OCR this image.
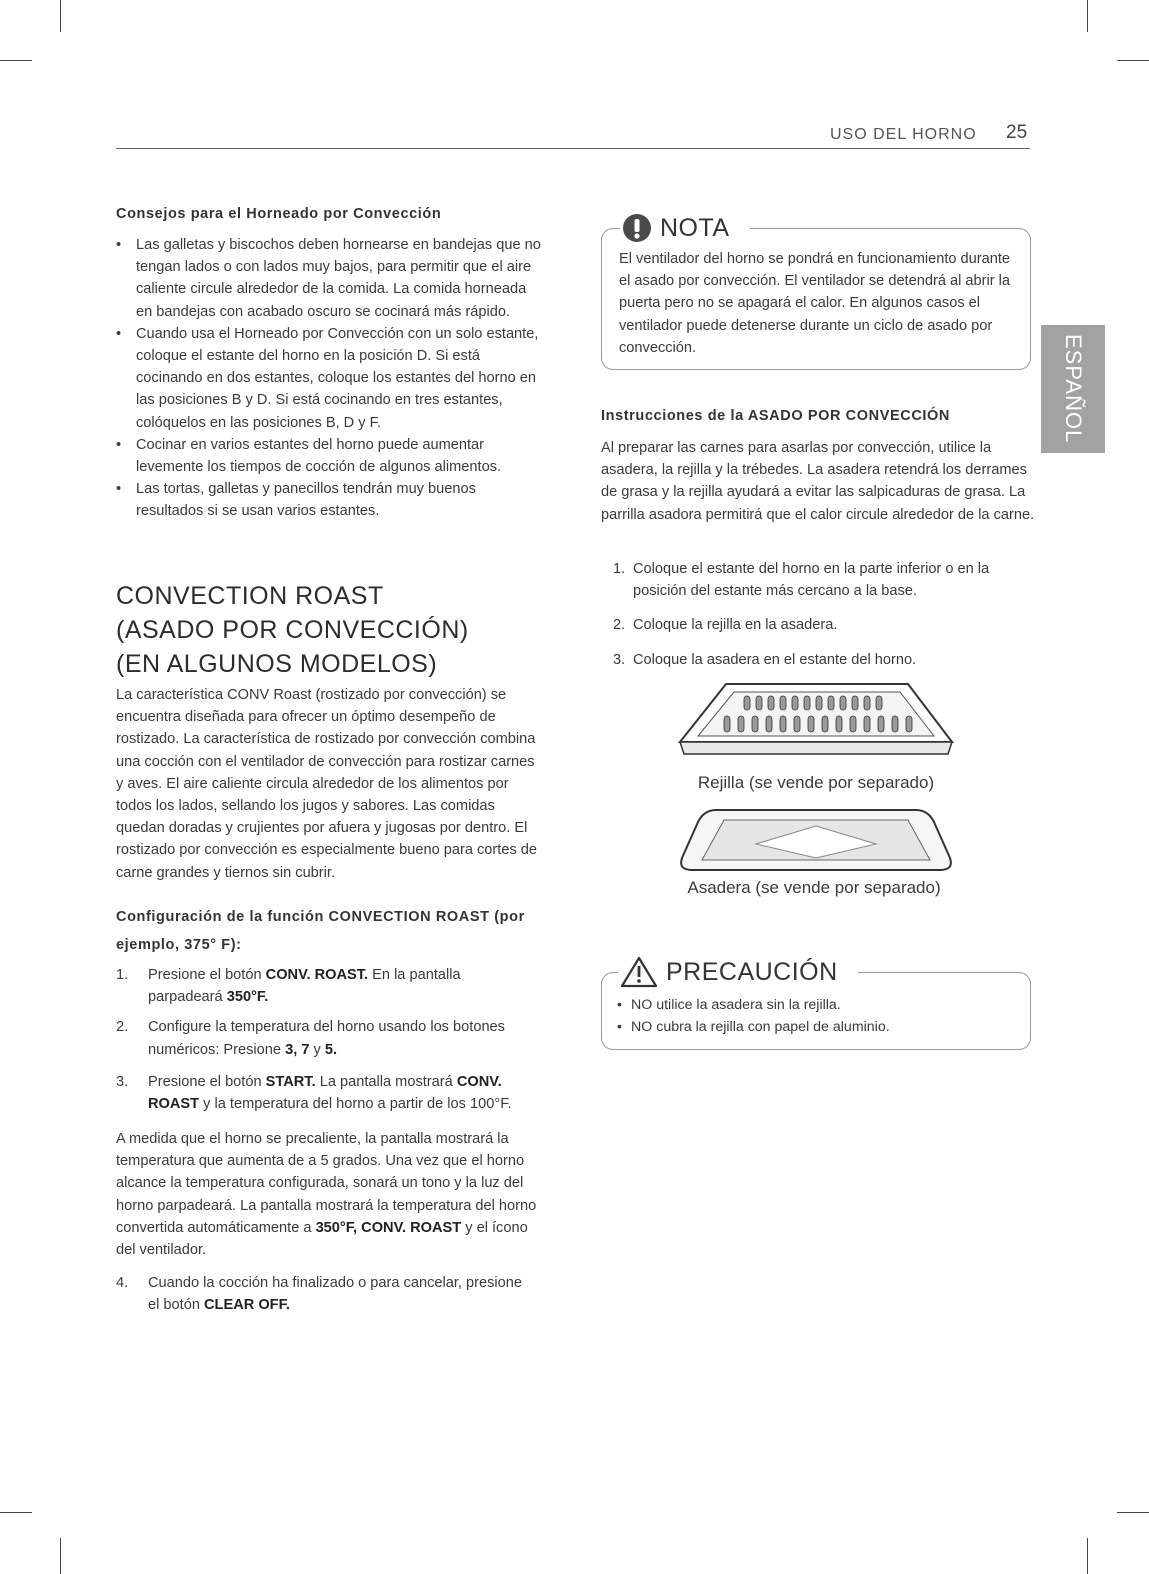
USO DEL HORNO 25
ESPAÑOL
Consejos para el Horneado por Convección
• Las galletas y biscochos deben hornearse en bandejas que no tengan lados o con lados muy bajos, para permitir que el aire caliente circule alrededor de la comida. La comida horneada en bandejas con acabado oscuro se cocinará más rápido.
• Cuando usa el Horneado por Convección con un solo estante, coloque el estante del horno en la posición D. Si está cocinando en dos estantes, coloque los estantes del horno en las posiciones B y D. Si está cocinando en tres estantes, colóquelos en las posiciones B, D y F.
• Cocinar en varios estantes del horno puede aumentar levemente los tiempos de cocción de algunos alimentos.
• Las tortas, galletas y panecillos tendrán muy buenos resultados si se usan varios estantes.
CONVECTION ROAST
(ASADO POR CONVECCIÓN)
(EN ALGUNOS MODELOS)
La característica CONV Roast (rostizado por convección) se encuentra diseñada para ofrecer un óptimo desempeño de rostizado. La característica de rostizado por convección combina una cocción con el ventilador de convección para rostizar carnes y aves. El aire caliente circula alrededor de los alimentos por todos los lados, sellando los jugos y sabores. Las comidas quedan doradas y crujientes por afuera y jugosas por dentro. El rostizado por convección es especialmente bueno para cortes de carne grandes y tiernos sin cubrir.
Configuración de la función CONVECTION ROAST (por ejemplo, 375° F):
1. Presione el botón CONV. ROAST. En la pantalla parpadeará 350°F.
2. Configure la temperatura del horno usando los botones numéricos: Presione 3, 7 y 5.
3. Presione el botón START. La pantalla mostrará CONV. ROAST y la temperatura del horno a partir de los 100°F.
A medida que el horno se precaliente, la pantalla mostrará la temperatura que aumenta de a 5 grados. Una vez que el horno alcance la temperatura configurada, sonará un tono y la luz del horno parpadeará. La pantalla mostrará la temperatura del horno convertida automáticamente a 350°F, CONV. ROAST y el ícono del ventilador.
4. Cuando la cocción ha finalizado o para cancelar, presione el botón CLEAR OFF.
NOTA
El ventilador del horno se pondrá en funcionamiento durante el asado por convección. El ventilador se detendrá al abrir la puerta pero no se apagará el calor. En algunos casos el ventilador puede detenerse durante un ciclo de asado por convección.
Instrucciones de la ASADO POR CONVECCIÓN
Al preparar las carnes para asarlas por convección, utilice la asadera, la rejilla y la trébedes. La asadera retendrá los derrames de grasa y la rejilla ayudará a evitar las salpicaduras de grasa. La parrilla asadora permitirá que el calor circule alrededor de la carne.
1. Coloque el estante del horno en la parte inferior o en la posición del estante más cercano a la base.
2. Coloque la rejilla en la asadera.
3. Coloque la asadera en el estante del horno.
Rejilla (se vende por separado)
Asadera (se vende por separado)
PRECAUCIÓN
• NO utilice la asadera sin la rejilla.
• NO cubra la rejilla con papel de aluminio.
